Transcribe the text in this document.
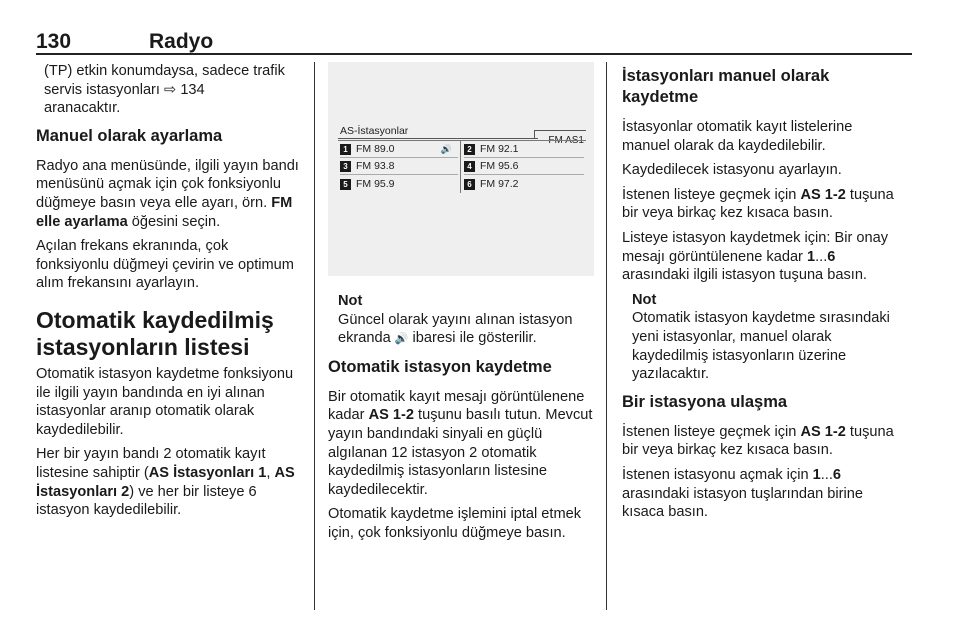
130	Radyo

(TP) etkin konumdaysa, sadece trafik servis istasyonları ⇨ 134
aranacaktır.

Manuel olarak ayarlama

Radyo ana menüsünde, ilgili yayın bandı menüsünü açmak için çok fonksiyonlu düğmeye basın veya elle ayarı, örn. FM elle ayarlama öğesini seçin.

Açılan frekans ekranında, çok fonksiyonlu düğmeyi çevirin ve optimum alım frekansını ayarlayın.

Otomatik kaydedilmiş istasyonların listesi

Otomatik istasyon kaydetme fonksiyonu ile ilgili yayın bandında en iyi alınan istasyonlar aranıp otomatik olarak kaydedilebilir.

Her bir yayın bandı 2 otomatik kayıt listesine sahiptir (AS İstasyonları 1, AS İstasyonları 2) ve her bir listeye 6 istasyon kaydedilebilir.

AS-İstasyonlar
FM AS1
1 FM 89.0	🔊	2 FM 92.1
3 FM 93.8	4 FM 95.6
5 FM 95.9	6 FM 97.2
Not

Güncel olarak yayını alınan istasyon ekranda 🔊 ibaresi ile gösterilir.

Otomatik istasyon kaydetme

Bir otomatik kayıt mesajı görüntülenene kadar AS 1-2 tuşunu basılı tutun. Mevcut yayın bandındaki sinyali en güçlü algılanan 12 istasyon 2 otomatik kaydedilmiş istasyonların listesine kaydedilecektir.

Otomatik kaydetme işlemini iptal etmek için, çok fonksiyonlu düğmeye basın.

İstasyonları manuel olarak kaydetme

İstasyonlar otomatik kayıt listelerine manuel olarak da kaydedilebilir.

Kaydedilecek istasyonu ayarlayın.

İstenen listeye geçmek için AS 1-2 tuşuna bir veya birkaç kez kısaca basın.

Listeye istasyon kaydetmek için: Bir onay mesajı görüntülenene kadar 1...6 arasındaki ilgili istasyon tuşuna basın.

Not

Otomatik istasyon kaydetme sırasındaki yeni istasyonlar, manuel olarak kaydedilmiş istasyonların üzerine yazılacaktır.

Bir istasyona ulaşma

İstenen listeye geçmek için AS 1-2 tuşuna bir veya birkaç kez kısaca basın.

İstenen istasyonu açmak için 1...6 arasındaki istasyon tuşlarından birine kısaca basın.
